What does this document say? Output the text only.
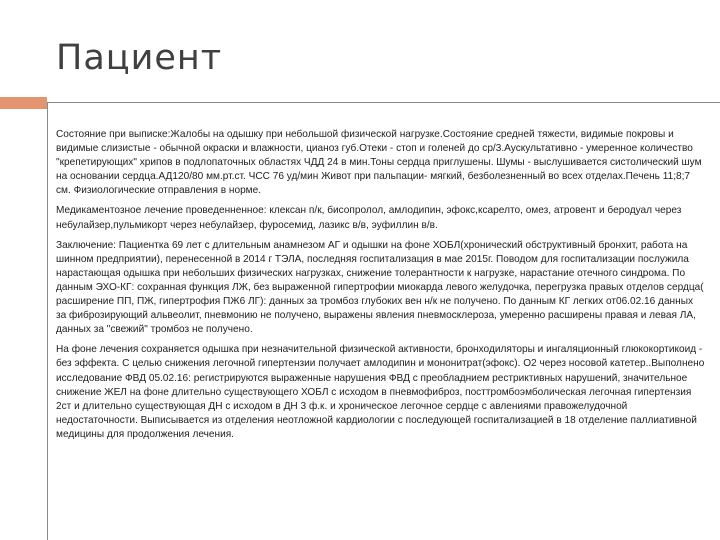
Пациент

Состояние при выписке:Жалобы на одышку при небольшой физической нагрузке.Состояние средней тяжести, видимые покровы и видимые слизистые - обычной окраски и влажности, цианоз губ.Отеки - стоп и голеней до ср/3.Аускультативно - умеренное количество "крепетирующих" хрипов в подлопаточных областях ЧДД 24 в мин.Тоны сердца приглушены. Шумы - выслушивается систолический шум на основании сердца.АД120/80 мм.рт.ст. ЧСС 76 уд/мин Живот при пальпации- мягкий, безболезненный во всех отделах.Печень 11;8;7 см. Физиологические отправления в норме.

Медикаментозное лечение проведенненное: клексан п/к, бисопролол, амлодипин, эфокс,ксарелто, омез, атровент и беродуал через небулайзер,пульмикорт через небулайзер, фуросемид, лазикс в/в, эуфиллин в/в.

Заключение: Пациентка 69 лет с длительным анамнезом АГ и одышки на фоне ХОБЛ(хронический обструктивный бронхит, работа на шинном предприятии), перенесенной в 2014 г ТЭЛА, последняя госпитализация в мае 2015г. Поводом для госпитализации послужила нарастающая одышка при небольших физических нагрузках, снижение толерантности к нагрузке, нарастание отечного синдрома. По данным ЭХО-КГ: сохранная функция ЛЖ, без выраженной гипертрофии миокарда левого желудочка, перегрузка правых отделов сердца( расширение ПП, ПЖ, гипертрофия ПЖ6 ЛГ): данных за тромбоз глубоких вен н/к не получено. По данным КГ легких от06.02.16 данных за фиброзирующий альвеолит, пневмонию не получено, выражены явления пневмосклероза, умеренно расширены правая и левая ЛА, данных за "свежий" тромбоз не получено.

На фоне лечения сохраняется одышка при незначительной физической активности, бронходиляторы и ингаляционный глюкокортикоид - без эффекта. С целью снижения легочной гипертензии получает амлодипин и мононитрат(эфокс). О2 через носовой катетер..Выполнено исследование ФВД 05.02.16: регистрируются выраженные нарушения ФВД с преобладнием рестриктивных нарушений, значительное снижение ЖЕЛ на фоне длительно существующего ХОБЛ с исходом в пневмофиброз, посттромбоэмболическая легочная гипертензия 2ст и длительно существующая ДН с исходом в ДН 3 ф.к. и хроническое легочное сердце с авлениями правожелудочной недостаточности. Выписывается из отделения неотложной кардиологии с последующей госпитализацией в 18 отделение паллиативной медицины для продолжения лечения.
